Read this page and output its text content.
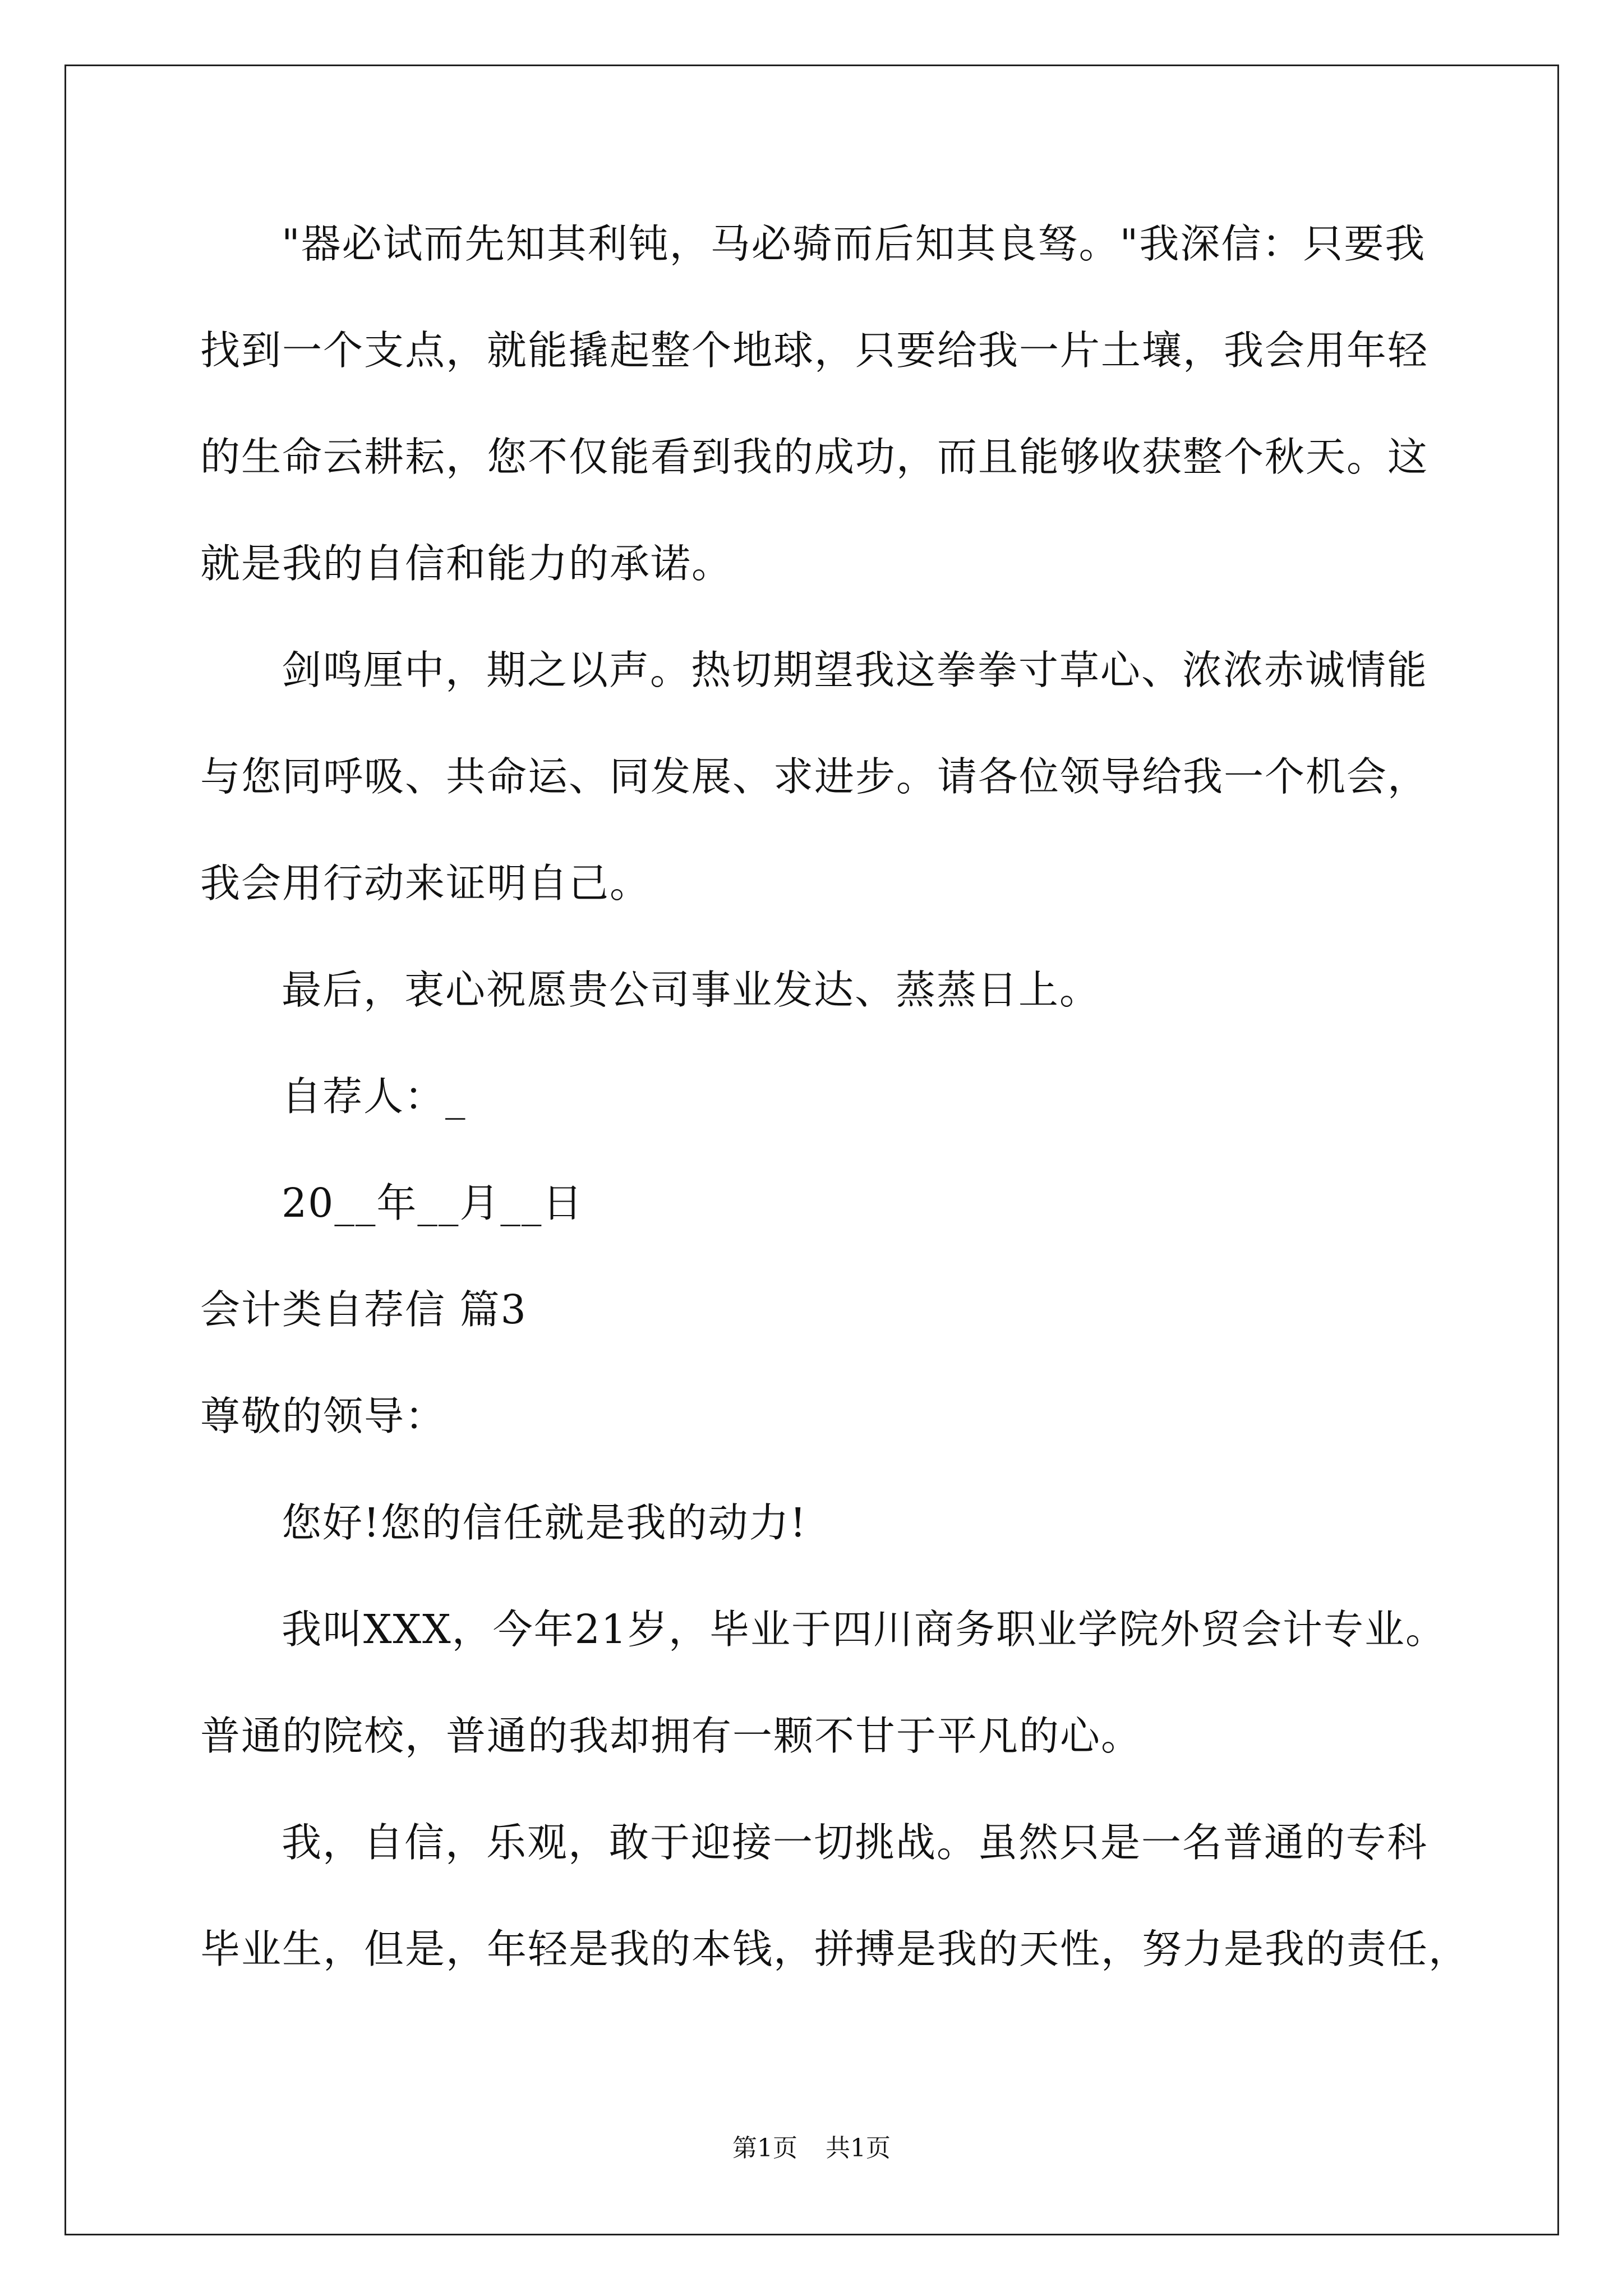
"器必试而先知其利钝，马必骑而后知其良驽。"我深信：只要我
找到一个支点，就能撬起整个地球，只要给我一片土壤，我会用年轻
的生命云耕耘，您不仅能看到我的成功，而且能够收获整个秋天。这
就是我的自信和能力的承诺。
剑鸣厘中，期之以声。热切期望我这拳拳寸草心、浓浓赤诚情能
与您同呼吸、共命运、同发展、求进步。请各位领导给我一个机会，
我会用行动来证明自己。
最后，衷心祝愿贵公司事业发达、蒸蒸日上。
自荐人：_
20__年__月__日
会计类自荐信 篇3
尊敬的领导：
您好!您的信任就是我的动力!
我叫XXX，今年21岁，毕业于四川商务职业学院外贸会计专业。
普通的院校，普通的我却拥有一颗不甘于平凡的心。
我，自信，乐观，敢于迎接一切挑战。虽然只是一名普通的专科
毕业生，但是，年轻是我的本钱，拼搏是我的天性，努力是我的责任，
第1页 共1页
